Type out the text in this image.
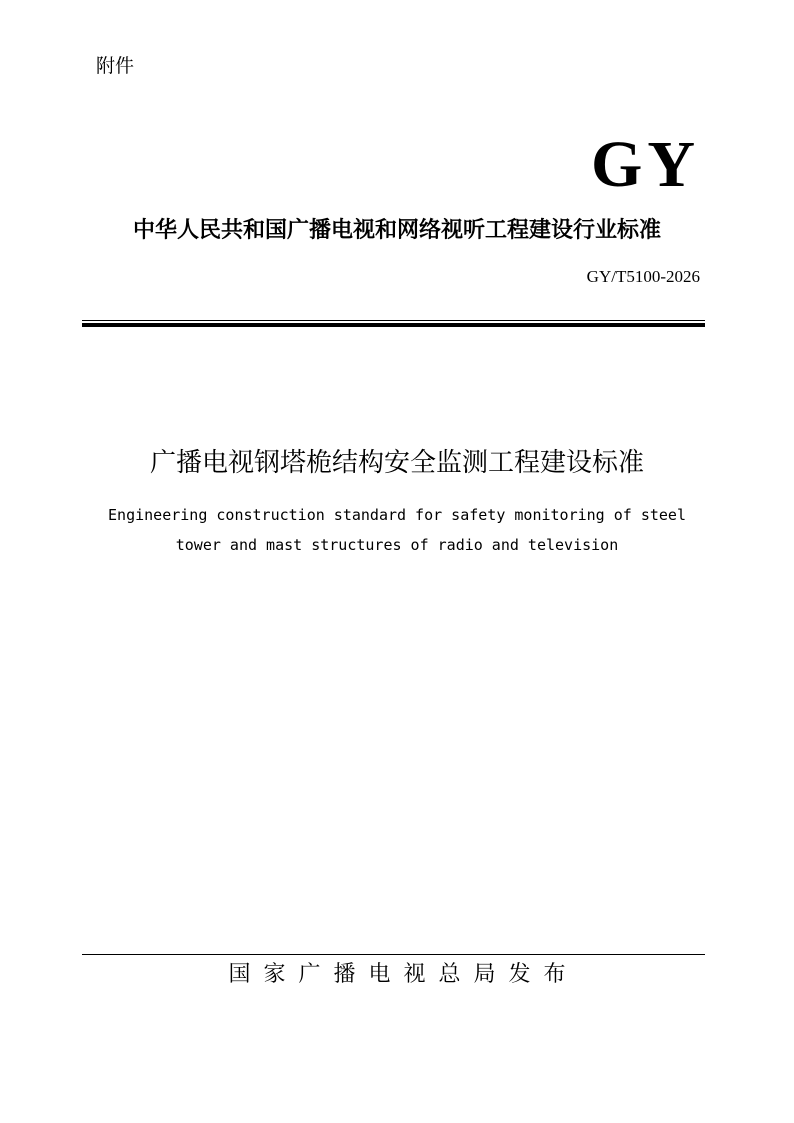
附件
GY
中华人民共和国广播电视和网络视听工程建设行业标准
GY/T5100-2026
广播电视钢塔桅结构安全监测工程建设标准
Engineering construction standard for safety monitoring of steel
tower and mast structures of radio and television
国家广播电视总局发布
